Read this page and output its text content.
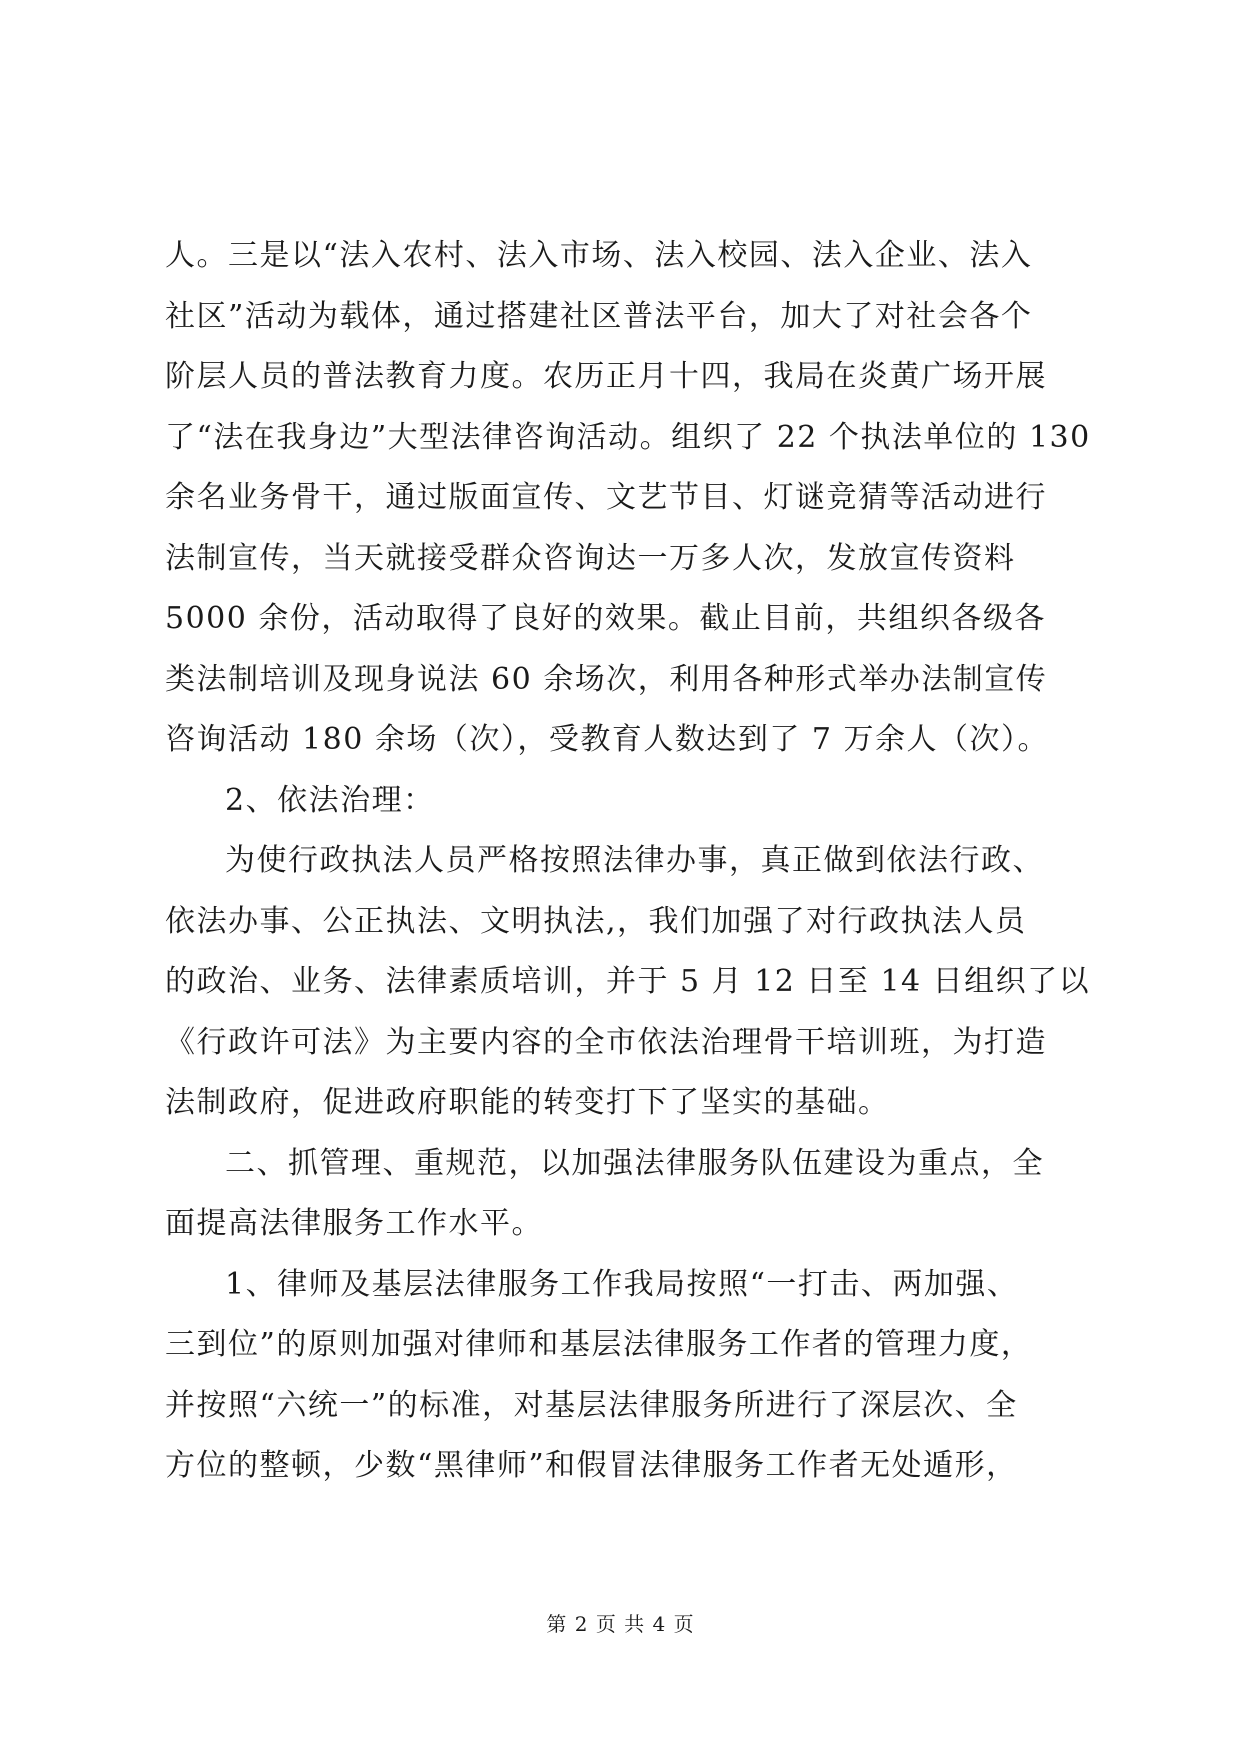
人。三是以“法入农村、法入市场、法入校园、法入企业、法入
社区”活动为载体，通过搭建社区普法平台，加大了对社会各个
阶层人员的普法教育力度。农历正月十四，我局在炎黄广场开展
了“法在我身边”大型法律咨询活动。组织了 22 个执法单位的 130
余名业务骨干，通过版面宣传、文艺节目、灯谜竞猜等活动进行
法制宣传，当天就接受群众咨询达一万多人次，发放宣传资料
5000 余份，活动取得了良好的效果。截止目前，共组织各级各
类法制培训及现身说法 60 余场次，利用各种形式举办法制宣传
咨询活动 180 余场（次），受教育人数达到了 7 万余人（次）。
2、依法治理：
为使行政执法人员严格按照法律办事，真正做到依法行政、
依法办事、公正执法、文明执法,，我们加强了对行政执法人员
的政治、业务、法律素质培训，并于 5 月 12 日至 14 日组织了以
《行政许可法》为主要内容的全市依法治理骨干培训班，为打造
法制政府，促进政府职能的转变打下了坚实的基础。
二、抓管理、重规范，以加强法律服务队伍建设为重点，全
面提高法律服务工作水平。
1、律师及基层法律服务工作我局按照“一打击、两加强、
三到位”的原则加强对律师和基层法律服务工作者的管理力度，
并按照“六统一”的标准，对基层法律服务所进行了深层次、全
方位的整顿，少数“黑律师”和假冒法律服务工作者无处遁形，
第 2 页 共 4 页
